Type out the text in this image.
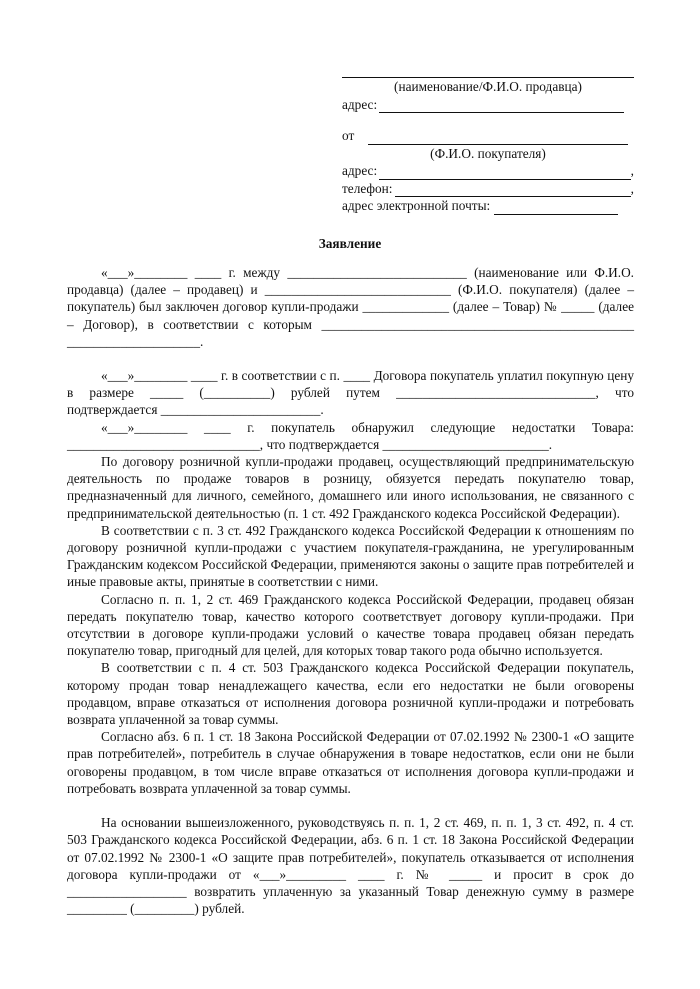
(наименование/Ф.И.О. продавца)
адрес:
от
(Ф.И.О. покупателя)
адрес:	,
телефон:	,
адрес электронной почты:
Заявление

«___»________ ____ г. между ___________________________ (наименование или Ф.И.О. продавца) (далее – продавец) и ____________________________ (Ф.И.О. покупателя) (далее – покупатель) был заключен договор купли-продажи _____________ (далее – Товар) № _____ (далее – Договор), в соответствии с которым _______________________________________________ ____________________.

«___»________ ____ г. в соответствии с п. ____ Договора покупатель уплатил покупную цену в размере _____ (__________) рублей путем ______________________________, что подтверждается ________________________.

«___»________ ____ г. покупатель обнаружил следующие недостатки Товара: _____________________________, что подтверждается _________________________.

По договору розничной купли-продажи продавец, осуществляющий предпринимательскую деятельность по продаже товаров в розницу, обязуется передать покупателю товар, предназначенный для личного, семейного, домашнего или иного использования, не связанного с предпринимательской деятельностью (п. 1 ст. 492 Гражданского кодекса Российской Федерации).

В соответствии с п. 3 ст. 492 Гражданского кодекса Российской Федерации к отношениям по договору розничной купли-продажи с участием покупателя-гражданина, не урегулированным Гражданским кодексом Российской Федерации, применяются законы о защите прав потребителей и иные правовые акты, принятые в соответствии с ними.

Согласно п. п. 1, 2 ст. 469 Гражданского кодекса Российской Федерации, продавец обязан передать покупателю товар, качество которого соответствует договору купли-продажи. При отсутствии в договоре купли-продажи условий о качестве товара продавец обязан передать покупателю товар, пригодный для целей, для которых товар такого рода обычно используется.

В соответствии с п. 4 ст. 503 Гражданского кодекса Российской Федерации покупатель, которому продан товар ненадлежащего качества, если его недостатки не были оговорены продавцом, вправе отказаться от исполнения договора розничной купли-продажи и потребовать возврата уплаченной за товар суммы.

Согласно абз. 6 п. 1 ст. 18 Закона Российской Федерации от 07.02.1992 № 2300-1 «О защите прав потребителей», потребитель в случае обнаружения в товаре недостатков, если они не были оговорены продавцом, в том числе вправе отказаться от исполнения договора купли-продажи и потребовать возврата уплаченной за товар суммы.

На основании вышеизложенного, руководствуясь п. п. 1, 2 ст. 469, п. п. 1, 3 ст. 492, п. 4 ст. 503 Гражданского кодекса Российской Федерации, абз. 6 п. 1 ст. 18 Закона Российской Федерации от 07.02.1992 № 2300-1 «О защите прав потребителей», покупатель отказывается от исполнения договора купли-продажи от «___»_________ ____ г. № _____ и просит в срок до __________________ возвратить уплаченную за указанный Товар денежную сумму в размере _________ (_________) рублей.
